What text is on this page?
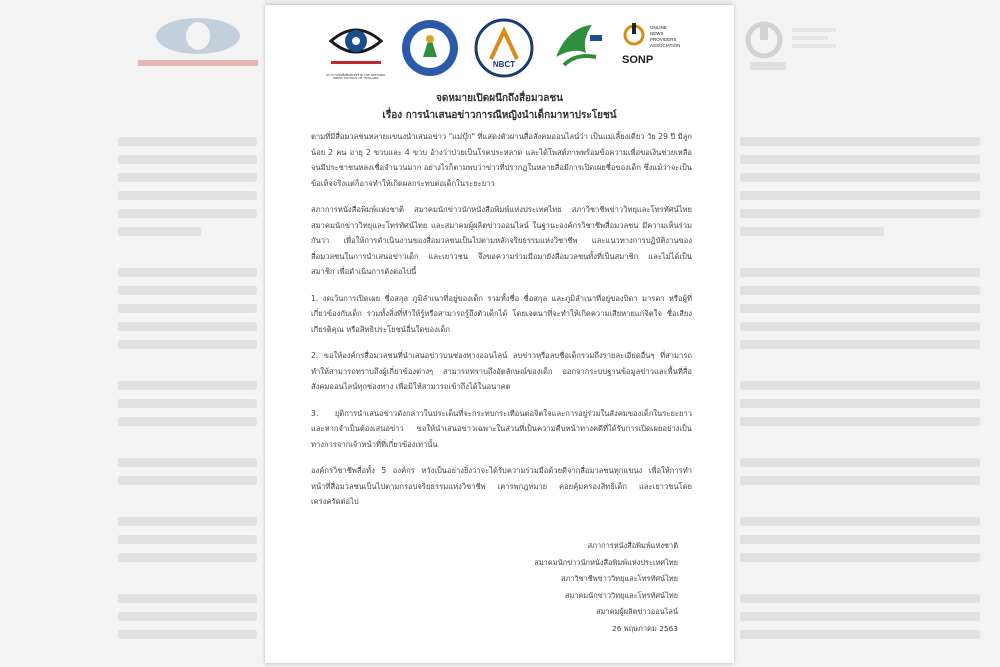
สภาการหนังสือพิมพ์แห่งชาติ THE NATIONAL PRESS COUNCIL OF THAILAND
NBCT
ONLINE
NEWS
PROVIDERS
ASSOCIATION
SONP
จดหมายเปิดผนึกถึงสื่อมวลชน
เรื่อง การนำเสนอข่าวการณีหญิงนำเด็กมาหาประโยชน์

ตามที่มีสื่อมวลชนหลายแขนงนำเสนอข่าว "แม่บุ๊ก" ที่แสดงตัวผ่านสื่อสังคมออนไลน์ว่า เป็นแม่เลี้ยงเดี่ยว วัย 29 ปี มีลูกน้อย 2 คน อายุ 2 ขวบและ 4 ขวบ อ้างว่าป่วยเป็นโรคประหลาด และได้โพสต์ภาพพร้อมข้อความเพื่อขอเงินช่วยเหลือ จนมีประชาชนหลงเชื่อจำนวนมาก อย่างไรก็ตามพบว่าข่าวที่ปรากฏในหลายสื่อมีการเปิดเผยชื่อของเด็ก ซึ่งแม้ว่าจะเป็นข้อเท็จจริงแต่ก็อาจทำให้เกิดผลกระทบต่อเด็กในระยะยาว

สภาการหนังสือพิมพ์แห่งชาติ สมาคมนักข่าวนักหนังสือพิมพ์แห่งประเทศไทย สภาวิชาชีพข่าววิทยุและโทรทัศน์ไทย สมาคมนักข่าววิทยุและโทรทัศน์ไทย และสมาคมผู้ผลิตข่าวออนไลน์ ในฐานะองค์กรวิชาชีพสื่อมวลชน มีความเห็นร่วมกันว่า เพื่อให้การดำเนินงานของสื่อมวลชนเป็นไปตามหลักจริยธรรมแห่งวิชาชีพ และแนวทางการปฏิบัติงานของสื่อมวลชนในการนำเสนอข่าวเด็ก และเยาวชน จึงขอความร่วมมือมายังสื่อมวลชนทั้งที่เป็นสมาชิก และไม่ได้เป็นสมาชิก เพื่อดำเนินการดังต่อไปนี้

1. งดเว้นการเปิดเผย ชื่อสกุล ภูมิลำเนาที่อยู่ของเด็ก รวมทั้งชื่อ ชื่อสกุล และภูมิลำเนาที่อยู่ของบิดา มารดา หรือผู้ที่เกี่ยวข้องกับเด็ก รวมทั้งสิ่งที่ทำให้รู้หรือสามารถรู้ถึงตัวเด็กได้ โดยเจตนาที่จะทำให้เกิดความเสียหายแก่จิตใจ ชื่อเสียงเกียรติคุณ หรือสิทธิประโยชน์อื่นใดของเด็ก

2. ขอให้องค์กรสื่อมวลชนที่นำเสนอข่าวบนช่องทางออนไลน์ ลบข่าวหรือลบชื่อเด็กรวมถึงรายละเอียดอื่นๆ ที่สามารถทำให้สามารถทราบถึงผู้เกี่ยวข้องต่างๆ สามารถทราบถึงอัตลักษณ์ของเด็ก ออกจากระบบฐานข้อมูลข่าวและพื้นที่สื่อสังคมออนไลน์ทุกช่องทาง เพื่อมิให้สามารถเข้าถึงได้ในอนาคต

3. ยุติการนำเสนอข่าวดังกล่าวในประเด็นที่จะกระทบกระเทือนต่อจิตใจและการอยู่ร่วมในสังคมของเด็กในระยะยาว และหากจำเป็นต้องเสนอข่าว ขอให้นำเสนอข่าวเฉพาะในส่วนที่เป็นความคืบหน้าทางคดีที่ได้รับการเปิดเผยอย่างเป็นทางการจากเจ้าหน้าที่ที่เกี่ยวข้องเท่านั้น

องค์กรวิชาชีพสื่อทั้ง 5 องค์กร หวังเป็นอย่างยิ่งว่าจะได้รับความร่วมมือด้วยดีจากสื่อมวลชนทุกแขนง เพื่อให้การทำหน้าที่สื่อมวลชนเป็นไปตามกรอบจริยธรรมแห่งวิชาชีพ เคารพกฎหมาย คอยคุ้มครองสิทธิเด็ก และเยาวชนโดยเคร่งครัดต่อไป

สภาการหนังสือพิมพ์แห่งชาติ
สมาคมนักข่าวนักหนังสือพิมพ์แห่งประเทศไทย
สภาวิชาชีพข่าววิทยุและโทรทัศน์ไทย
สมาคมนักข่าววิทยุและโทรทัศน์ไทย
สมาคมผู้ผลิตข่าวออนไลน์
26 พฤษภาคม 2563
